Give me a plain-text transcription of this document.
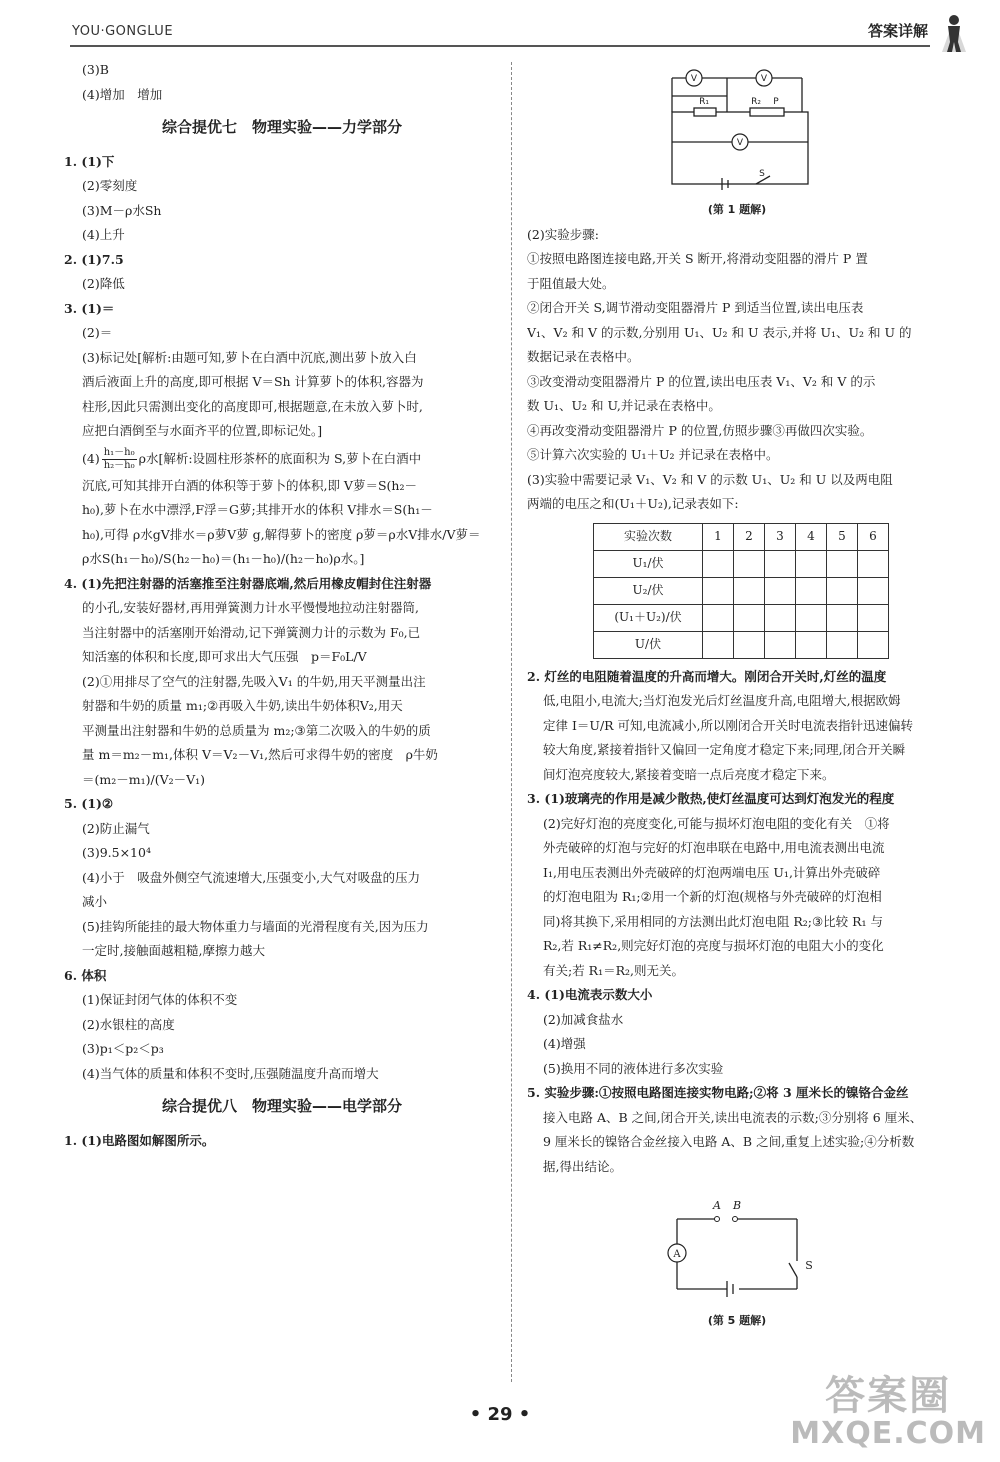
YOU·GONGLUE	答案详解
(3)B
(4)增加　增加
综合提优七　物理实验——力学部分
1. (1)下
(2)零刻度
(3)M－ρ水Sh
(4)上升
2. (1)7.5
(2)降低
3. (1)＝
(2)＝
(3)标记处[解析:由题可知,萝卜在白酒中沉底,测出萝卜放入白
酒后液面上升的高度,即可根据 V＝Sh 计算萝卜的体积,容器为
柱形,因此只需测出变化的高度即可,根据题意,在未放入萝卜时,
应把白酒倒至与水面齐平的位置,即标记处。]
$(4) \frac{\text{h₁－h₀}}{\text{h₂－h₀}}$ ρ水[解析:设圆柱形茶杯的底面积为 S,萝卜在白酒中
沉底,可知其排开白酒的体积等于萝卜的体积,即 V萝＝S(h₂－
h₀),萝卜在水中漂浮,F浮＝G萝;其排开水的体积 V排水＝S(h₁－
h₀),可得 ρ水gV排水＝ρ萝V萝 g,解得萝卜的密度 ρ萝＝ρ水V排水/V萝＝
ρ水S(h₁－h₀)/S(h₂－h₀)＝(h₁－h₀)/(h₂－h₀)ρ水。]
4. (1)先把注射器的活塞推至注射器底端,然后用橡皮帽封住注射器
的小孔,安装好器材,再用弹簧测力计水平慢慢地拉动注射器筒,
当注射器中的活塞刚开始滑动,记下弹簧测力计的示数为 F₀,已
知活塞的体积和长度,即可求出大气压强　p＝F₀L/V
(2)①用排尽了空气的注射器,先吸入V₁ 的牛奶,用天平测量出注
射器和牛奶的质量 m₁;②再吸入牛奶,读出牛奶体积V₂,用天
平测量出注射器和牛奶的总质量为 m₂;③第二次吸入的牛奶的质
量 m＝m₂－m₁,体积 V＝V₂－V₁,然后可求得牛奶的密度　ρ牛奶
＝(m₂－m₁)/(V₂－V₁)
5. (1)②
(2)防止漏气
(3)9.5×10⁴
(4)小于　吸盘外侧空气流速增大,压强变小,大气对吸盘的压力
减小
(5)挂钩所能挂的最大物体重力与墙面的光滑程度有关,因为压力
一定时,接触面越粗糙,摩擦力越大
6. 体积
(1)保证封闭气体的体积不变
(2)水银柱的高度
(3)p₁＜p₂＜p₃
(4)当气体的质量和体积不变时,压强随温度升高而增大
综合提优八　物理实验——电学部分
1. (1)电路图如解图所示。
V	V
R₁	R₂ P
V
S
(第 1 题解)
(2)实验步骤:
①按照电路图连接电路,开关 S 断开,将滑动变阻器的滑片 P 置
于阻值最大处。
②闭合开关 S,调节滑动变阻器滑片 P 到适当位置,读出电压表
V₁、V₂ 和 V 的示数,分别用 U₁、U₂ 和 U 表示,并将 U₁、U₂ 和 U 的
数据记录在表格中。
③改变滑动变阻器滑片 P 的位置,读出电压表 V₁、V₂ 和 V 的示
数 U₁、U₂ 和 U,并记录在表格中。
④再改变滑动变阻器滑片 P 的位置,仿照步骤③再做四次实验。
⑤计算六次实验的 U₁＋U₂ 并记录在表格中。
(3)实验中需要记录 V₁、V₂ 和 V 的示数 U₁、U₂ 和 U 以及两电阻
两端的电压之和(U₁＋U₂),记录表如下:
实验次数	1	2	3	4	5	6
U₁/伏						
U₂/伏						
(U₁＋U₂)/伏						
U/伏						
2. 灯丝的电阻随着温度的升高而增大。刚闭合开关时,灯丝的温度
低,电阻小,电流大;当灯泡发光后灯丝温度升高,电阻增大,根据欧姆
定律 I＝U/R 可知,电流减小,所以刚闭合开关时电流表指针迅速偏转
较大角度,紧接着指针又偏回一定角度才稳定下来;同理,闭合开关瞬
间灯泡亮度较大,紧接着变暗一点后亮度才稳定下来。
3. (1)玻璃壳的作用是减少散热,使灯丝温度可达到灯泡发光的程度
(2)完好灯泡的亮度变化,可能与损坏灯泡电阻的变化有关　①将
外壳破碎的灯泡与完好的灯泡串联在电路中,用电流表测出电流
I₁,用电压表测出外壳破碎的灯泡两端电压 U₁,计算出外壳破碎
的灯泡电阻为 R₁;②用一个新的灯泡(规格与外壳破碎的灯泡相
同)将其换下,采用相同的方法测出此灯泡电阻 R₂;③比较 R₁ 与
R₂,若 R₁≠R₂,则完好灯泡的亮度与损坏灯泡的电阻大小的变化
有关;若 R₁＝R₂,则无关。
4. (1)电流表示数大小
(2)加减食盐水
(4)增强
(5)换用不同的液体进行多次实验
5. 实验步骤:①按照电路图连接实物电路;②将 3 厘米长的镍铬合金丝
接入电路 A、B 之间,闭合开关,读出电流表的示数;③分别将 6 厘米、
9 厘米长的镍铬合金丝接入电路 A、B 之间,重复上述实验;④分析数
据,得出结论。
A B
A
S
(第 5 题解)
• 29 •	答案圈
MXQE.COM
